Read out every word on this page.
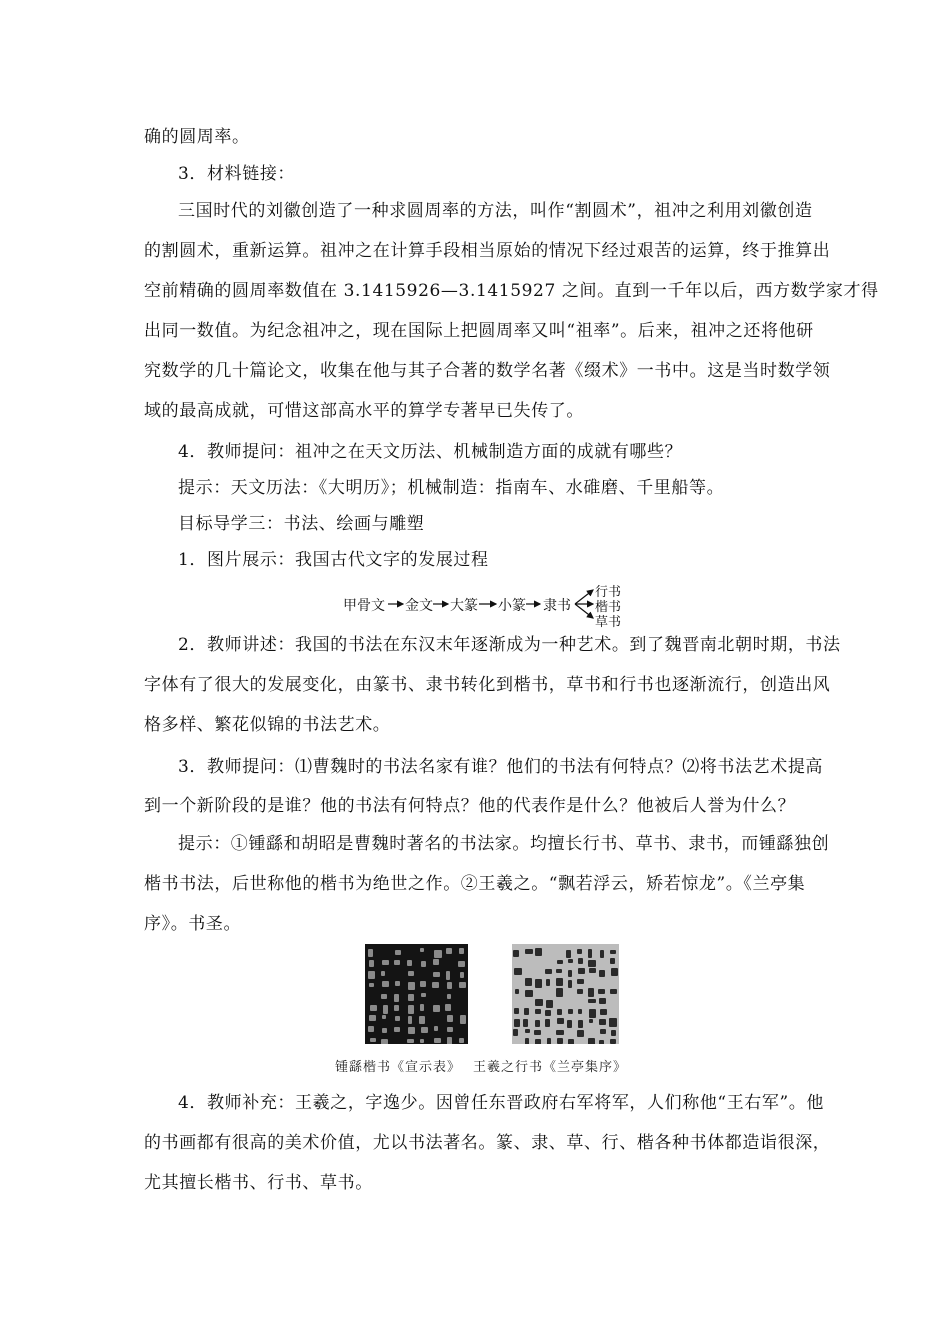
确的圆周率。
3．材料链接：
三国时代的刘徽创造了一种求圆周率的方法，叫作“割圆术”，祖冲之利用刘徽创造
的割圆术，重新运算。祖冲之在计算手段相当原始的情况下经过艰苦的运算，终于推算出
空前精确的圆周率数值在 3.1415926—3.1415927 之间。直到一千年以后，西方数学家才得
出同一数值。为纪念祖冲之，现在国际上把圆周率又叫“祖率”。后来，祖冲之还将他研
究数学的几十篇论文，收集在他与其子合著的数学名著《缀术》一书中。这是当时数学领
域的最高成就，可惜这部高水平的算学专著早已失传了。
4．教师提问：祖冲之在天文历法、机械制造方面的成就有哪些？
提示：天文历法：《大明历》；机械制造：指南车、水碓磨、千里船等。
目标导学三：书法、绘画与雕塑
1．图片展示：我国古代文字的发展过程
甲骨文 金文 大篆 小篆 隶书
行书
楷书
草书
2．教师讲述：我国的书法在东汉末年逐渐成为一种艺术。到了魏晋南北朝时期，书法
字体有了很大的发展变化，由篆书、隶书转化到楷书，草书和行书也逐渐流行，创造出风
格多样、繁花似锦的书法艺术。
3．教师提问：⑴曹魏时的书法名家有谁？他们的书法有何特点？⑵将书法艺术提高
到一个新阶段的是谁？他的书法有何特点？他的代表作是什么？他被后人誉为什么？
提示：①锺繇和胡昭是曹魏时著名的书法家。均擅长行书、草书、隶书，而锺繇独创
楷书书法，后世称他的楷书为绝世之作。②王羲之。“飘若浮云，矫若惊龙”。《兰亭集
序》。书圣。
锺繇楷书《宣示表》 王羲之行书《兰亭集序》
4．教师补充：王羲之，字逸少。因曾任东晋政府右军将军，人们称他“王右军”。他
的书画都有很高的美术价值，尤以书法著名。篆、隶、草、行、楷各种书体都造诣很深，
尤其擅长楷书、行书、草书。
